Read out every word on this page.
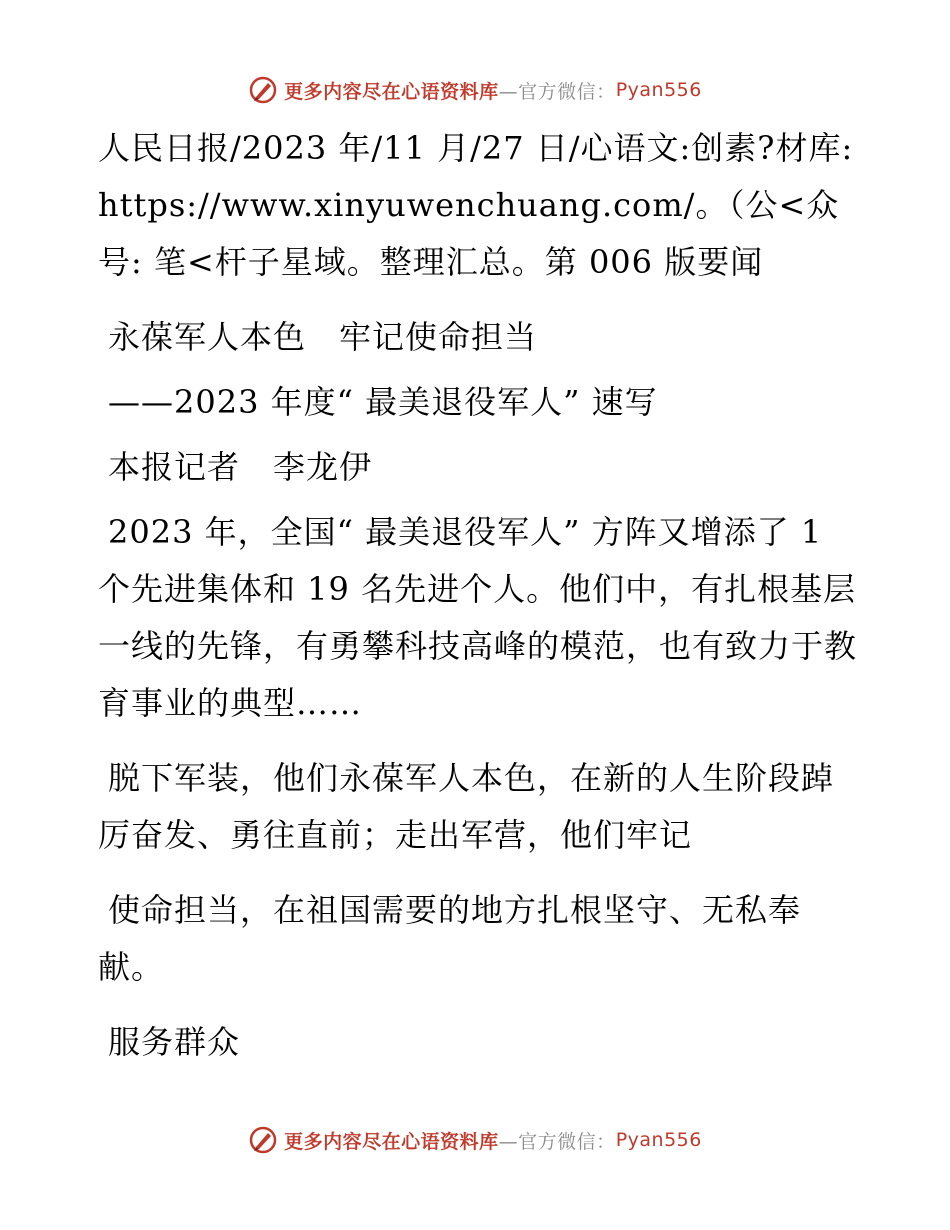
更多内容尽在心语资料库 —官方微信： Pyan556

人民日报/2023 年/11 月/27 日/心语文:创素?材库: https://www.xinyuwenchuang.com/。（公<众号: 笔<杆子星域。整理汇总。第 006 版要闻

永葆军人本色　牢记使命担当

——2023 年度“ 最美退役军人” 速写

本报记者　李龙伊

2023 年，全国“ 最美退役军人” 方阵又增添了 1 个先进集体和 19 名先进个人。他们中，有扎根基层一线的先锋，有勇攀科技高峰的模范，也有致力于教育事业的典型……

脱下军装，他们永葆军人本色，在新的人生阶段踔厉奋发、勇往直前；走出军营，他们牢记

使命担当，在祖国需要的地方扎根坚守、无私奉献。

服务群众

更多内容尽在心语资料库 —官方微信： Pyan556
